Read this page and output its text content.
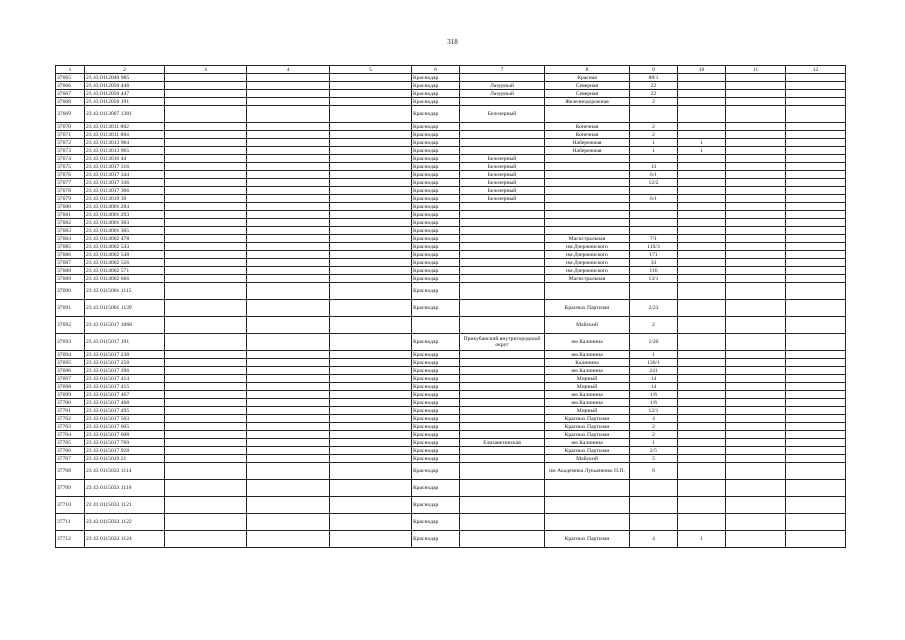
318
1	2	3	4	5	6	7	8	9	10	11	12
37665	23 43 0112040 985				Краснодар		Красная	88/1			
37666	23 43 0112050 446				Краснодар	Лазурный	Северная	22			
37667	23 43 0112050 447				Краснодар	Лазурный	Северная	22			
37668	23 43 0112056 191				Краснодар		Железнодорожная	2			
37669	23 43 0113007 1381				Краснодар	Белозерный					
37670	23 43 0113011 882				Краснодар		Конечная	2			
37671	23 43 0113011 884				Краснодар		Конечная	2			
37672	23 43 0113013 964				Краснодар		Набережная	1	1		
37673	23 43 0113013 965				Краснодар		Набережная	1	1		
37674	23 43 0113016 44				Краснодар	Белозерный					
37675	23 43 0113017 316				Краснодар	Белозерный		13			
37676	23 43 0113017 344				Краснодар	Белозерный		6/1			
37677	23 43 0113017 336				Краснодар	Белозерный		12/2			
37678	23 43 0113017 366				Краснодар	Белозерный					
37679	23 43 0113019 39				Краснодар	Белозерный		6/1			
37680	23 43 0114001 284				Краснодар						
37681	23 43 0114001 293				Краснодар						
37682	23 43 0114001 303				Краснодар						
37683	23 43 0114001 305				Краснодар						
37684	23 43 0114002 478				Краснодар		Магистральная	7/1			
37685	23 43 0114002 543				Краснодар		им.Дзержинского	116/3			
37686	23 43 0114002 548				Краснодар		им.Дзержинского	171			
37687	23 43 0114002 556				Краснодар		им.Дзержинского	33			
37688	23 43 0114002 571				Краснодар		им.Дзержинского	116			
37689	23 43 0114002 666				Краснодар		Магистральная	13/1			
37690	23 43 0115001 1115				Краснодар						
37691	23 43 0115001 1139				Краснодар		Красных Партизан	2/23			
37692	23 43 0115017 1068						Майский	2			
37693	23 43 0115017 191				Краснодар	Прикубанский внутригородской округ	им Калинина	1/20			
37694	23 43 0115017 238				Краснодар		им.Калинина	1			
37695	23 43 0115017 258				Краснодар		Калинина	136/1			
37696	23 43 0115017 396				Краснодар		им Калинина	241			
37697	23 43 0115017 414				Краснодар		Мирный	14			
37698	23 43 0115017 415				Краснодар		Мирный	14			
37699	23 43 0115017 467				Краснодар		им Калинина	1/6			
37700	23 43 0115017 468				Краснодар		им.Калинина	1/6			
37701	23 43 0115017 495				Краснодар		Мирный	12/1			
37702	23 43 0115017 503				Краснодар		Красных Партизан	4			
37703	23 43 0115017 605				Краснодар		Красных Партизан	2			
37704	23 43 0115017 608				Краснодар		Красных Партизан	2			
37705	23 43 0115017 769				Краснодар	Елизаветинская	им Калинина	1			
37706	23 43 0115017 928				Краснодар		Красных Партизан	2/5			
37707	23 43 0115019 21				Краснодар		Майский	5			
37708	23 43 0115033 1114				Краснодар		им Академика Лукьяненко П.П.	6			
37709	23 43 0115033 1116				Краснодар						
37710	23 43 0115033 1121				Краснодар						
37711	23 43 0115033 1122				Краснодар						
37712	23 43 0115033 1124				Краснодар		Красных Партизан	4	1		
